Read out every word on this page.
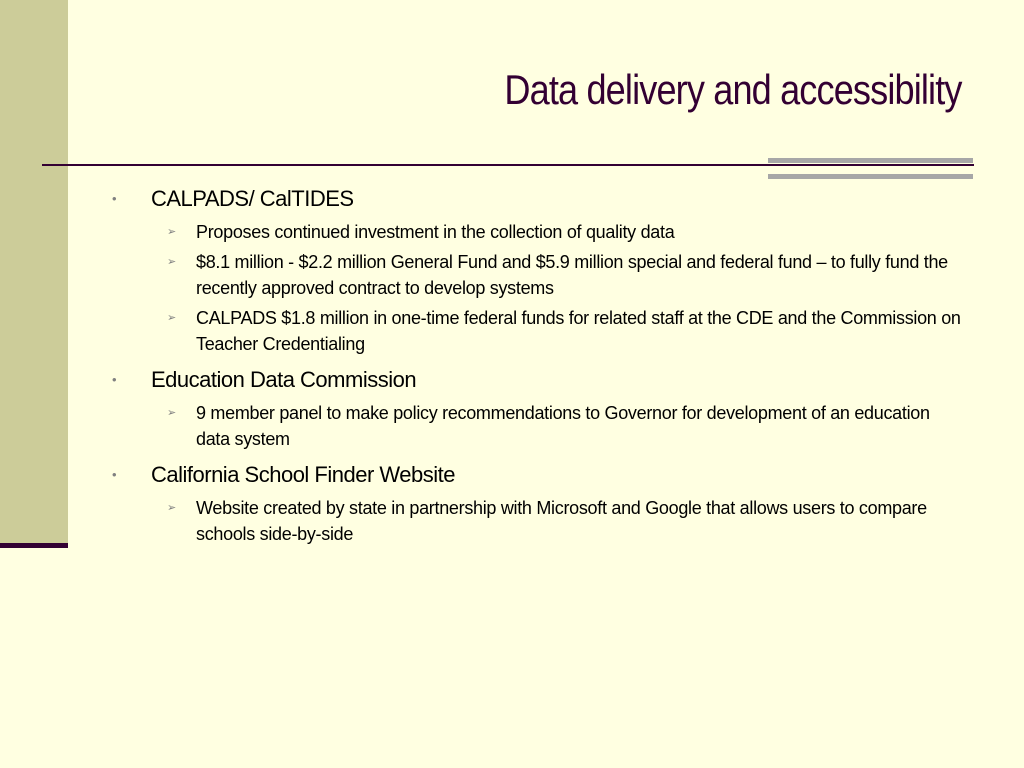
Data delivery and accessibility
• CALPADS/ CalTIDES
➢ Proposes continued investment in the collection of quality data
➢ $8.1 million - $2.2 million General Fund and $5.9 million special and federal fund – to fully fund the recently approved contract to develop systems
➢ CALPADS $1.8 million in one-time federal funds for related staff at the CDE and the Commission on Teacher Credentialing
• Education Data Commission
➢ 9 member panel to make policy recommendations to Governor for development of an education data system
• California School Finder Website
➢ Website created by state in partnership with Microsoft and Google that allows users to compare schools side-by-side
